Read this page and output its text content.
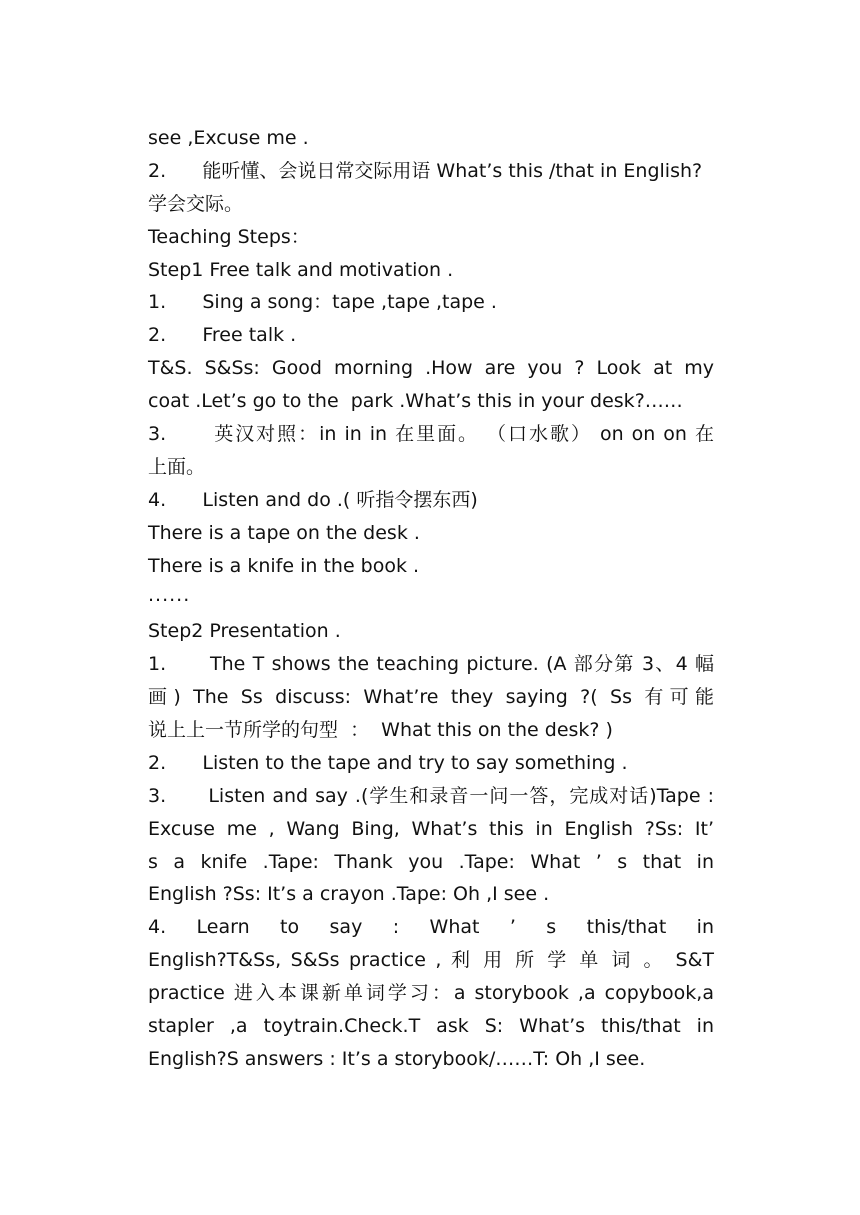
see ,Excuse me .
2.      能听懂、会说日常交际用语 What’s this /that in English?
学会交际。
Teaching Steps：
Step1 Free talk and motivation .
1.      Sing a song：tape ,tape ,tape .
2.      Free talk .
T&S. S&Ss: Good morning .How are you ? Look at my
coat .Let’s go to the  park .What’s this in your desk?……
3.      英汉对照：in in in 在里面。 （口水歌） on on on 在
上面。
4.      Listen and do .( 听指令摆东西)
There is a tape on the desk .
There is a knife in the book .
......
Step2 Presentation .
1.      The T shows the teaching picture. (A 部分第 3、4 幅
画) The Ss discuss: What’re they saying ?( Ss 有可能
说上上一节所学的句型  ：  What this on the desk? )
2.      Listen to the tape and try to say something .
3.      Listen and say .(学生和录音一问一答，完成对话)Tape :
Excuse me , Wang Bing, What’s this in English ?Ss: It’
s a knife .Tape: Thank you .Tape: What ’ s that in
English ?Ss: It’s a crayon .Tape: Oh ,I see .
4. Learn to say : What ’ s this/that in
English?T&Ss, S&Ss practice , 利 用 所 学 单 词 。 S&T
practice 进入本课新单词学习：a storybook ,a copybook,a
stapler ,a toytrain.Check.T ask S: What’s this/that in
English?S answers : It’s a storybook/……T: Oh ,I see.
